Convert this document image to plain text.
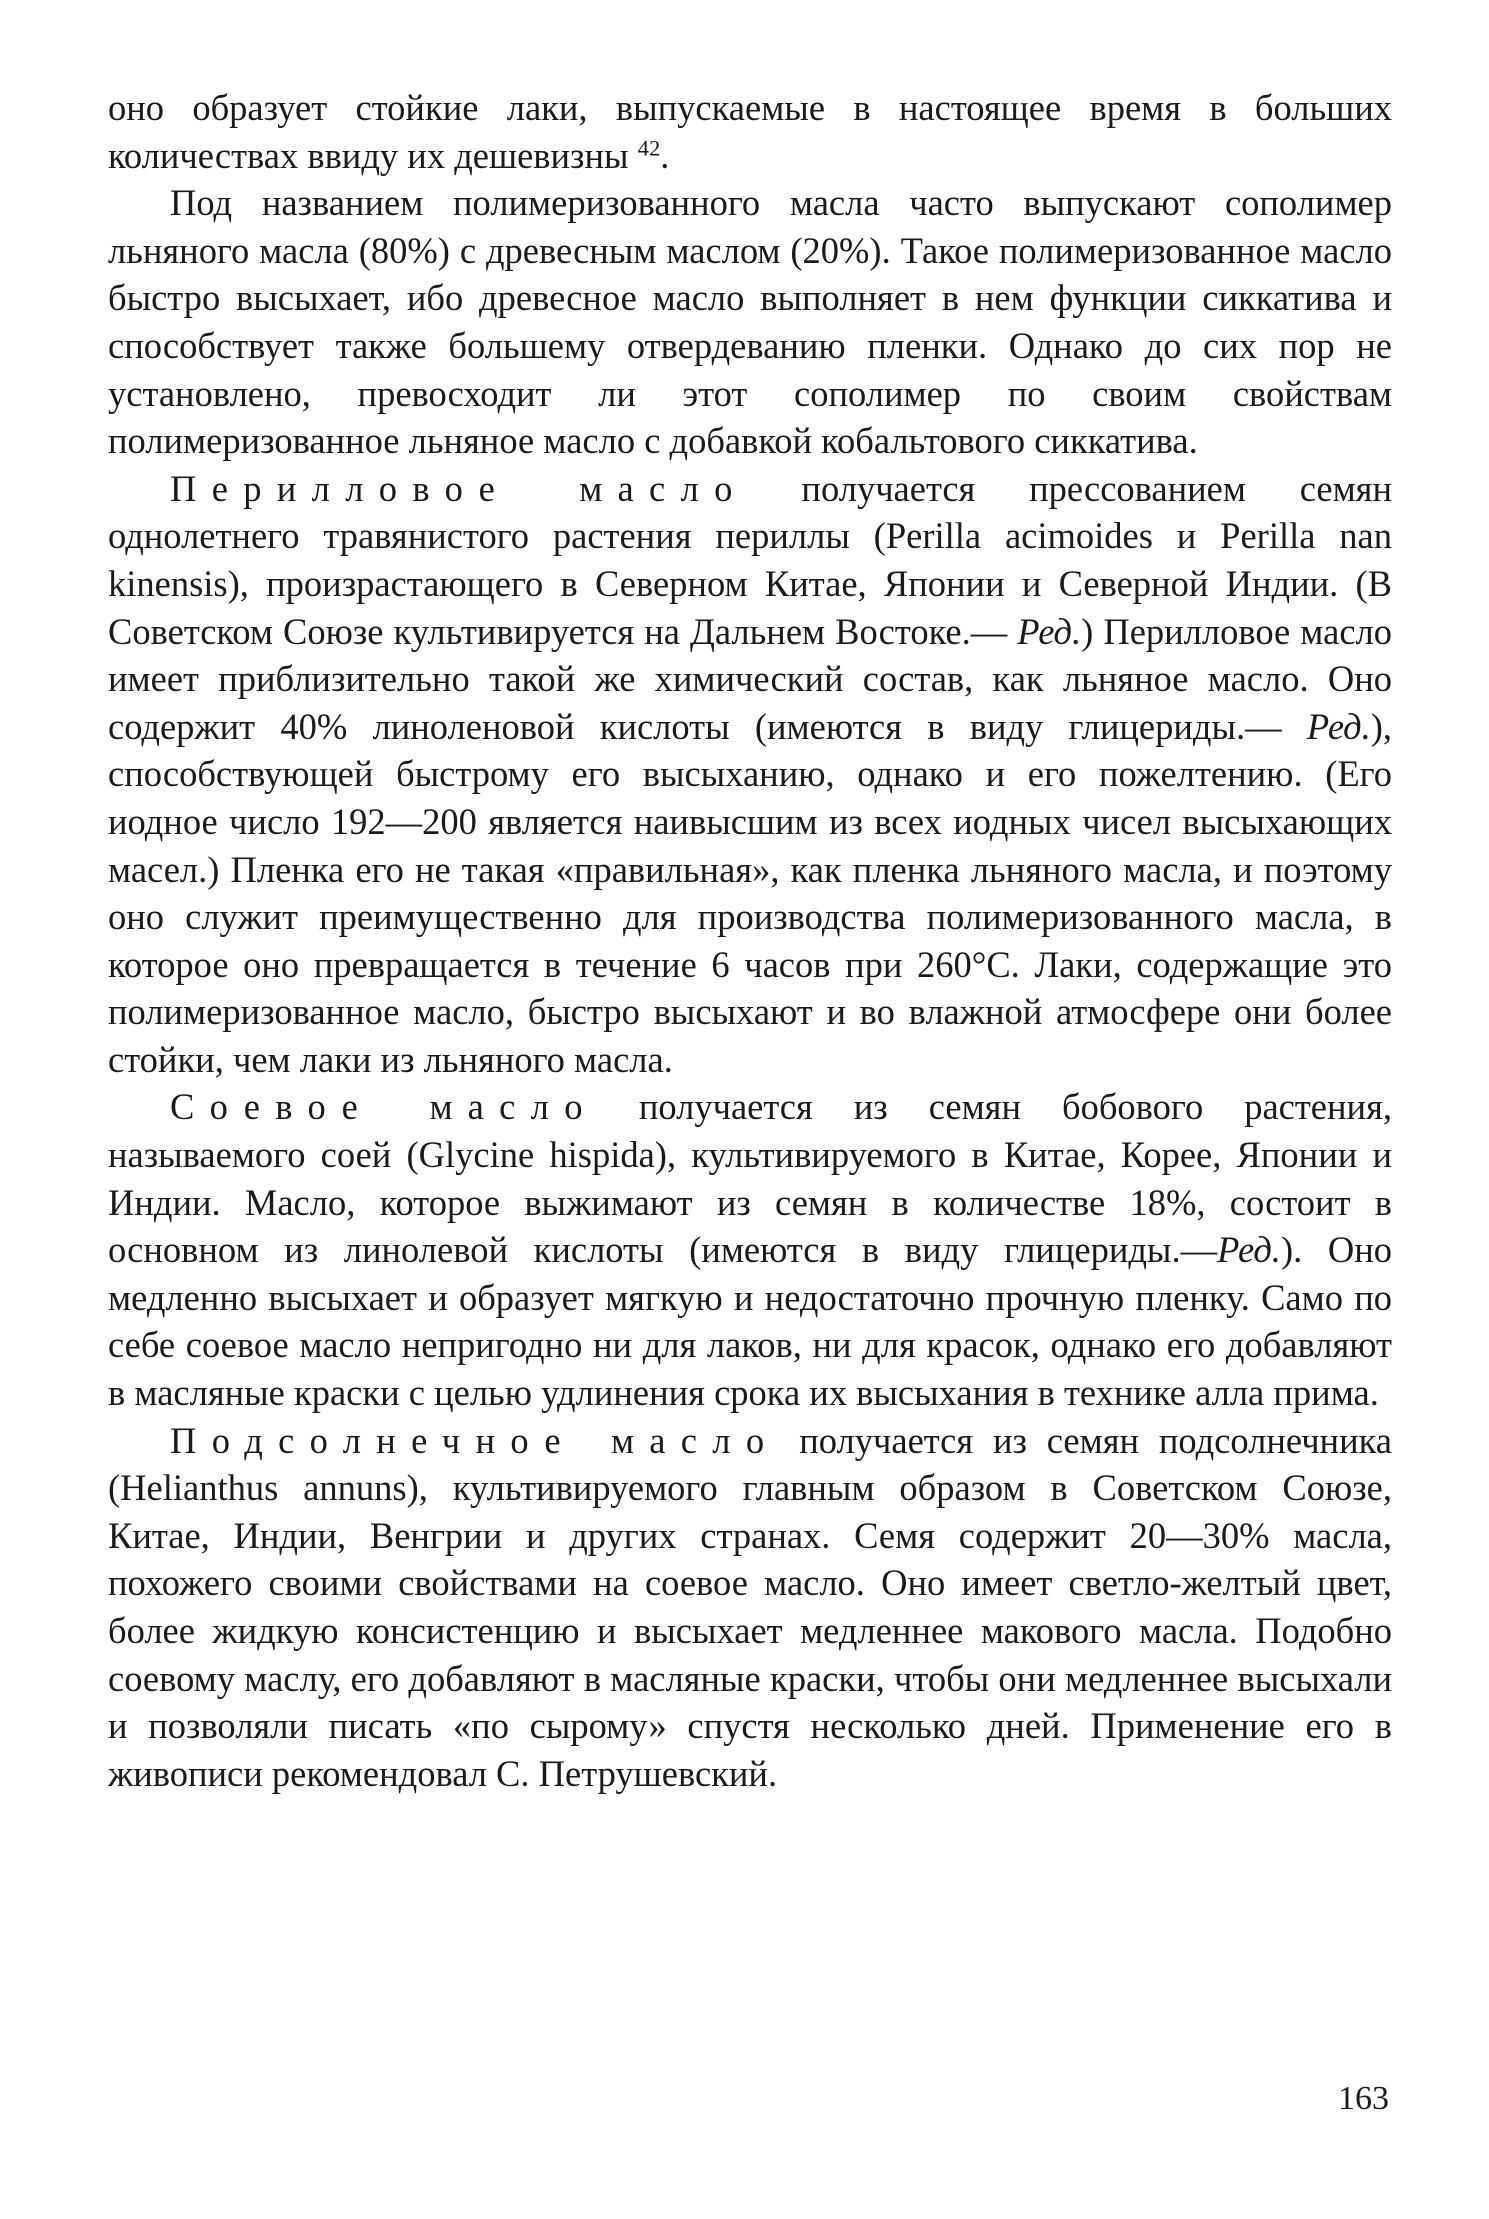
оно образует стойкие лаки, выпускаемые в настоящее время в больших количествах ввиду их дешевизны $^{42}$.

Под названием полимеризованного масла часто выпускают сополимер льняного масла (80%) с древесным маслом (20%). Такое полимеризованное масло быстро высыхает, ибо древесное масло выполняет в нем функции сиккатива и способствует также большему отвердеванию пленки. Однако до сих пор не установлено, превосходит ли этот сополимер по своим свойствам полимеризованное льняное масло с добавкой кобальтового сиккатива.

Перилловое масло получается прессованием семян однолетнего травянистого растения периллы (Perilla acimoides и Perilla nan kinensis), произрастающего в Северном Китае, Японии и Северной Индии. (В Советском Союзе культивируется на Дальнем Востоке.— Ред.) Перилловое масло имеет приблизительно такой же химический состав, как льняное масло. Оно содержит 40% линоленовой кислоты (имеются в виду глицериды.— Ред.), способствующей быстрому его высыханию, однако и его пожелтению. (Его иодное число 192—200 является наивысшим из всех иодных чисел высыхающих масел.) Пленка его не такая «правильная», как пленка льняного масла, и поэтому оно служит преимущественно для производства полимеризованного масла, в которое оно превращается в течение 6 часов при 260°С. Лаки, содержащие это полимеризованное масло, быстро высыхают и во влажной атмосфере они более стойки, чем лаки из льняного масла.

Соевое масло получается из семян бобового растения, называемого соей (Glycine hispida), культивируемого в Китае, Корее, Японии и Индии. Масло, которое выжимают из семян в количестве 18%, состоит в основном из линолевой кислоты (имеются в виду глицериды.—Ред.). Оно медленно высыхает и образует мягкую и недостаточно прочную пленку. Само по себе соевое масло непригодно ни для лаков, ни для красок, однако его добавляют в масляные краски с целью удлинения срока их высыхания в технике алла прима.

Подсолнечное масло получается из семян подсолнечника (Helianthus annuns), культивируемого главным образом в Советском Союзе, Китае, Индии, Венгрии и других странах. Семя содержит 20—30% масла, похожего своими свойствами на соевое масло. Оно имеет светло-желтый цвет, более жидкую консистенцию и высыхает медленнее макового масла. Подобно соевому маслу, его добавляют в масляные краски, чтобы они медленнее высыхали и позволяли писать «по сырому» спустя несколько дней. Применение его в живописи рекомендовал С. Петрушевский.

163
